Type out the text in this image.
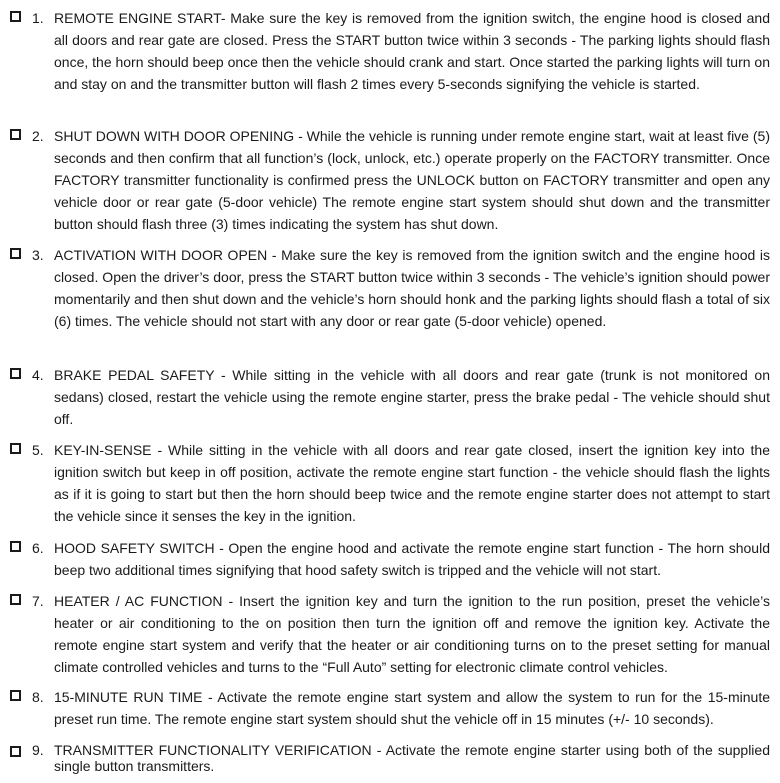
1. REMOTE ENGINE START- Make sure the key is removed from the ignition switch, the engine hood is closed and all doors and rear gate are closed. Press the START button twice within 3 seconds - The parking lights should flash once, the horn should beep once then the vehicle should crank and start. Once started the parking lights will turn on and stay on and the transmitter button will flash 2 times every 5-seconds signifying the vehicle is started.

2. SHUT DOWN WITH DOOR OPENING - While the vehicle is running under remote engine start, wait at least five (5) seconds and then confirm that all function’s (lock, unlock, etc.) operate properly on the FACTORY transmitter. Once FACTORY transmitter functionality is confirmed press the UNLOCK button on FACTORY transmitter and open any vehicle door or rear gate (5-door vehicle) The remote engine start system should shut down and the transmitter button should flash three (3) times indicating the system has shut down.

3. ACTIVATION WITH DOOR OPEN - Make sure the key is removed from the ignition switch and the engine hood is closed. Open the driver’s door, press the START button twice within 3 seconds - The vehicle’s ignition should power momentarily and then shut down and the vehicle’s horn should honk and the parking lights should flash a total of six (6) times. The vehicle should not start with any door or rear gate (5-door vehicle) opened.

4. BRAKE PEDAL SAFETY - While sitting in the vehicle with all doors and rear gate (trunk is not monitored on sedans) closed, restart the vehicle using the remote engine starter, press the brake pedal - The vehicle should shut off.

5. KEY-IN-SENSE - While sitting in the vehicle with all doors and rear gate closed, insert the ignition key into the ignition switch but keep in off position, activate the remote engine start function - the vehicle should flash the lights as if it is going to start but then the horn should beep twice and the remote engine starter does not attempt to start the vehicle since it senses the key in the ignition.

6. HOOD SAFETY SWITCH - Open the engine hood and activate the remote engine start function - The horn should beep two additional times signifying that hood safety switch is tripped and the vehicle will not start.

7. HEATER / AC FUNCTION - Insert the ignition key and turn the ignition to the run position, preset the vehicle’s heater or air conditioning to the on position then turn the ignition off and remove the ignition key. Activate the remote engine start system and verify that the heater or air conditioning turns on to the preset setting for manual climate controlled vehicles and turns to the “Full Auto” setting for electronic climate control vehicles.

8. 15-MINUTE RUN TIME - Activate the remote engine start system and allow the system to run for the 15-minute preset run time. The remote engine start system should shut the vehicle off in 15 minutes (+/- 10 seconds).

9. TRANSMITTER FUNCTIONALITY VERIFICATION - Activate the remote engine starter using both of the supplied single button transmitters.
